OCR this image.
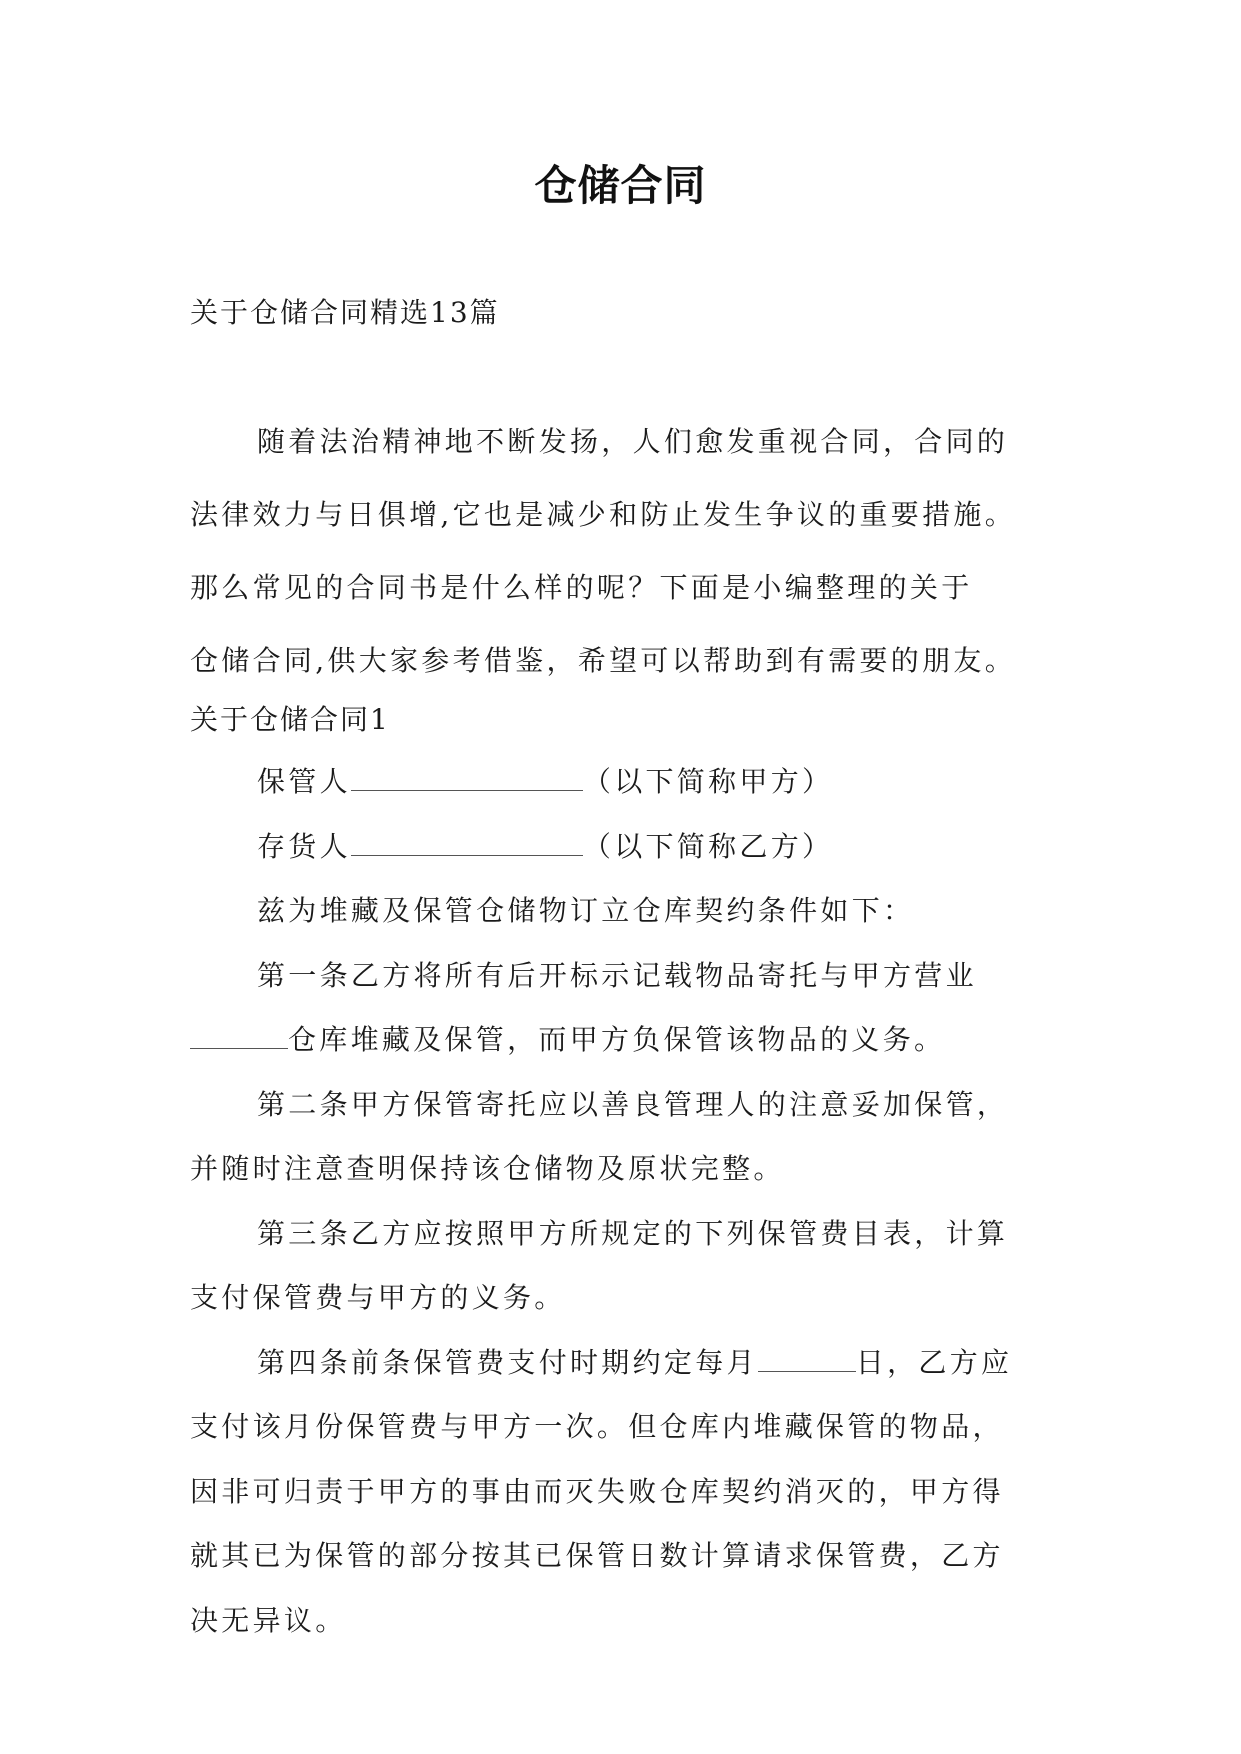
仓储合同
关于仓储合同精选13篇
随着法治精神地不断发扬，人们愈发重视合同，合同的
法律效力与日俱增,它也是减少和防止发生争议的重要措施。
那么常见的合同书是什么样的呢？下面是小编整理的关于
仓储合同,供大家参考借鉴，希望可以帮助到有需要的朋友。
关于仓储合同1
保管人	（以下简称甲方）
存货人	（以下简称乙方）
兹为堆藏及保管仓储物订立仓库契约条件如下：
第一条乙方将所有后开标示记载物品寄托与甲方营业
仓库堆藏及保管，而甲方负保管该物品的义务。
第二条甲方保管寄托应以善良管理人的注意妥加保管，
并随时注意查明保持该仓储物及原状完整。
第三条乙方应按照甲方所规定的下列保管费目表，计算
支付保管费与甲方的义务。
第四条前条保管费支付时期约定每月	日，乙方应
支付该月份保管费与甲方一次。但仓库内堆藏保管的物品，
因非可归责于甲方的事由而灭失败仓库契约消灭的，甲方得
就其已为保管的部分按其已保管日数计算请求保管费，乙方
决无异议。
